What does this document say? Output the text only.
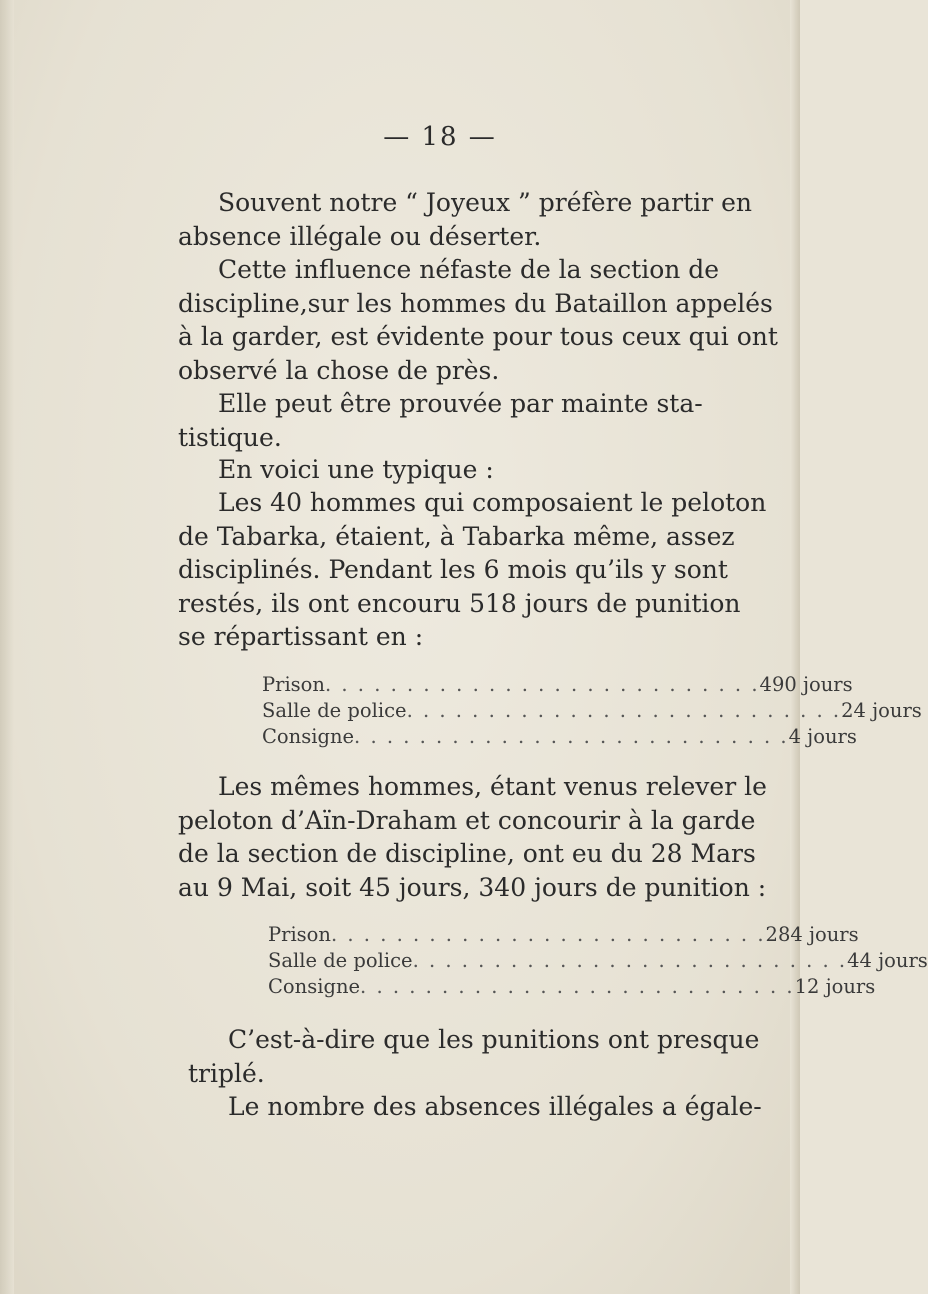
— 18 —
Souvent notre “ Joyeux ” préfère partir en
absence illégale ou déserter.
Cette influence néfaste de la section de
discipline,sur les hommes du Bataillon appelés
à la garder, est évidente pour tous ceux qui ont
observé la chose de près.
Elle peut être prouvée par mainte sta-
tistique.
En voici une typique :
Les 40 hommes qui composaient le peloton
de Tabarka, étaient, à Tabarka même, assez
disciplinés. Pendant les 6 mois qu’ils y sont
restés, ils ont encouru 518 jours de punition
se répartissant en :
Prison . . . . . . . . . . . . . . . . . . . . . . . . . . . 490 jours
Salle de police . . . . . . . . . . . . . . . . . . . . . . . . . . . 24 jours
Consigne . . . . . . . . . . . . . . . . . . . . . . . . . . . 4 jours
Les mêmes hommes, étant venus relever le
peloton d’Aïn-Draham et concourir à la garde
de la section de discipline, ont eu du 28 Mars
au 9 Mai, soit 45 jours, 340 jours de punition :
Prison . . . . . . . . . . . . . . . . . . . . . . . . . . . 284 jours
Salle de police . . . . . . . . . . . . . . . . . . . . . . . . . . . 44 jours
Consigne . . . . . . . . . . . . . . . . . . . . . . . . . . . 12 jours
C’est-à-dire que les punitions ont presque
triplé.
Le nombre des absences illégales a égale-
